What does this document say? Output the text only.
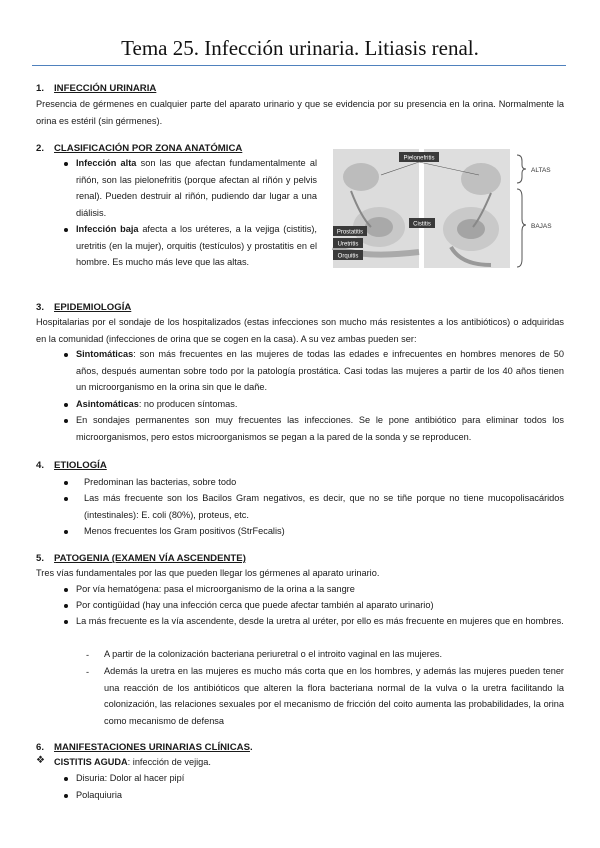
Tema 25. Infección urinaria. Litiasis renal.
1. INFECCIÓN URINARIA
Presencia de gérmenes en cualquier parte del aparato urinario y que se evidencia por su presencia en la orina. Normalmente la orina es estéril (sin gérmenes).
2. CLASIFICACIÓN POR ZONA ANATÓMICA
Infección alta son las que afectan fundamentalmente al riñón, son las pielonefritis (porque afectan al riñón y pelvis renal). Pueden destruir al riñón, pudiendo dar lugar a una diálisis.
Infección baja afecta a los uréteres, a la vejiga (cistitis), uretritis (en la mujer), orquitis (testículos) y prostatitis en el hombre. Es mucho más leve que las altas.
Pielonefritis
Cistitis
Prostatitis
Uretritis
Orquitis
ALTAS
BAJAS
3. EPIDEMIOLOGÍA
Hospitalarias por el sondaje de los hospitalizados (estas infecciones son mucho más resistentes a los antibióticos) o adquiridas en la comunidad (infecciones de orina que se cogen en la casa). A su vez ambas pueden ser:
Sintomáticas: son más frecuentes en las mujeres de todas las edades e infrecuentes en hombres menores de 50 años, después aumentan sobre todo por la patología prostática. Casi todas las mujeres a partir de los 40 años tienen un microorganismo en la orina sin que le dañe.
Asintomáticas: no producen síntomas.
En sondajes permanentes son muy frecuentes las infecciones. Se le pone antibiótico para eliminar todos los microorganismos, pero estos microorganismos se pegan a la pared de la sonda y se reproducen.
4. ETIOLOGÍA
Predominan las bacterias, sobre todo
Las más frecuente son los Bacilos Gram negativos, es decir, que no se tiñe porque no tiene mucopolisacáridos (intestinales): E. coli (80%), proteus, etc.
Menos frecuentes los Gram positivos (StrFecalis)
5. PATOGENIA (EXAMEN VÍA ASCENDENTE)
Tres vías fundamentales por las que pueden llegar los gérmenes al aparato urinario.
Por vía hematógena: pasa el microorganismo de la orina a la sangre
Por contigüidad (hay una infección cerca que puede afectar también al aparato urinario)
La más frecuente es la vía ascendente, desde la uretra al uréter, por ello es más frecuente en mujeres que en hombres.
- A partir de la colonización bacteriana periuretral o el introito vaginal en las mujeres.
- Además la uretra en las mujeres es mucho más corta que en los hombres, y además las mujeres pueden tener una reacción de los antibióticos que alteren la flora bacteriana normal de la vulva o la uretra facilitando la colonización, las relaciones sexuales por el mecanismo de fricción del coito aumenta las probabilidades, la orina como mecanismo de defensa
6. MANIFESTACIONES URINARIAS CLÍNICAS.
❖ CISTITIS AGUDA: infección de vejiga.
Disuria: Dolor al hacer pipí
Polaquiuria
